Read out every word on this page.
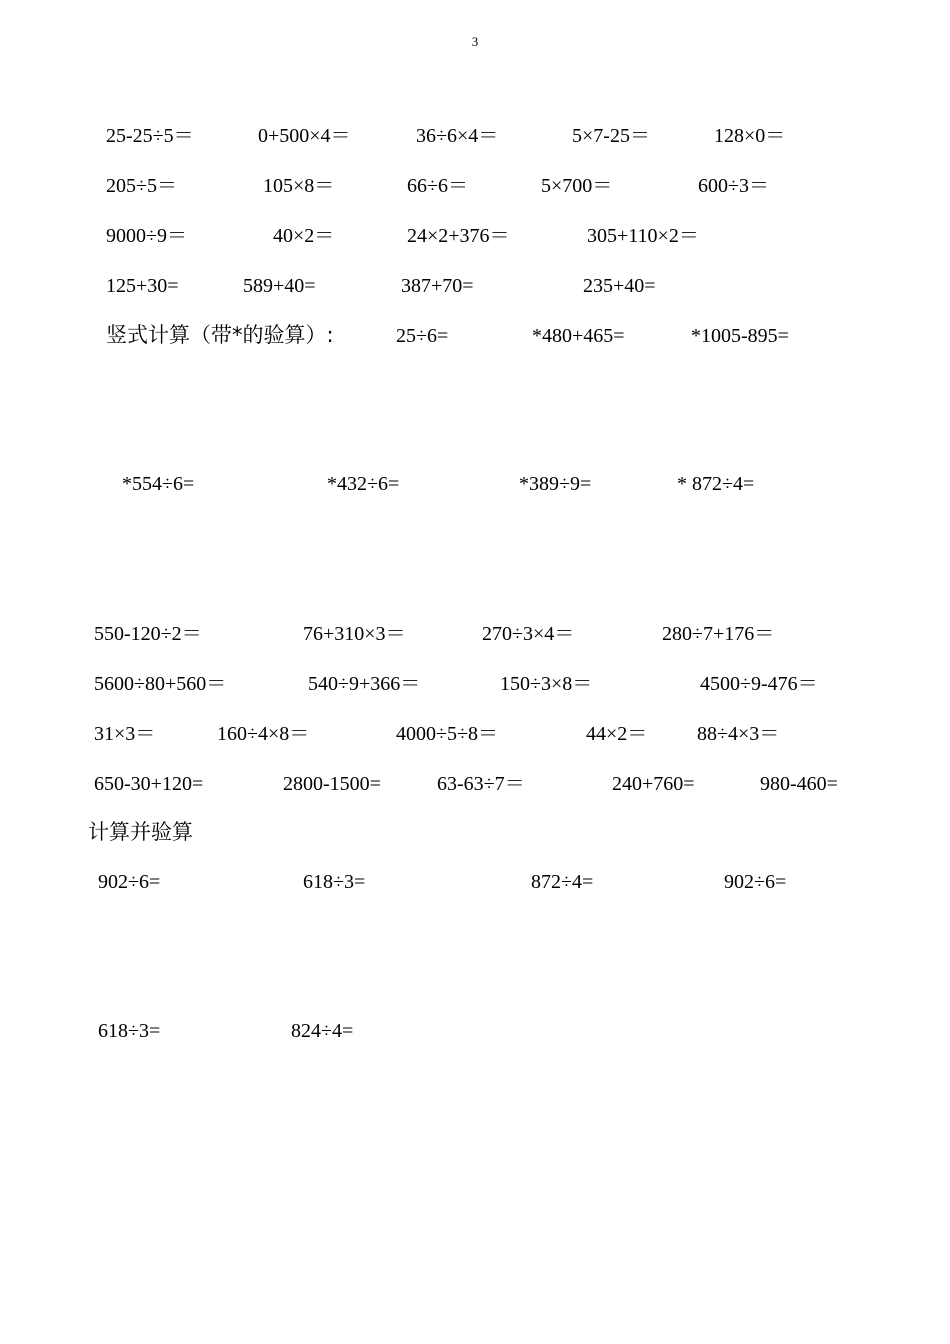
3
25-25÷5＝	0+500×4＝	36÷6×4＝	5×7-25＝	128×0＝
205÷5＝	105×8＝	66÷6＝	5×700＝	600÷3＝
9000÷9＝	40×2＝	24×2+376＝	305+110×2＝
125+30=	589+40=	387+70=	235+40=
竖式计算（带*的验算）:	25÷6=	*480+465=	*1005-895=
*554÷6=	*432÷6=	*389÷9=	* 872÷4=
550-120÷2＝	76+310×3＝	270÷3×4＝	280÷7+176＝
5600÷80+560＝	540÷9+366＝	150÷3×8＝	4500÷9-476＝
31×3＝	160÷4×8＝	4000÷5÷8＝	44×2＝ 88÷4×3＝
650-30+120=	2800-1500=	63-63÷7＝	240+760=	980-460=
计算并验算
902÷6=	618÷3=	872÷4=	902÷6=
618÷3=	824÷4=
